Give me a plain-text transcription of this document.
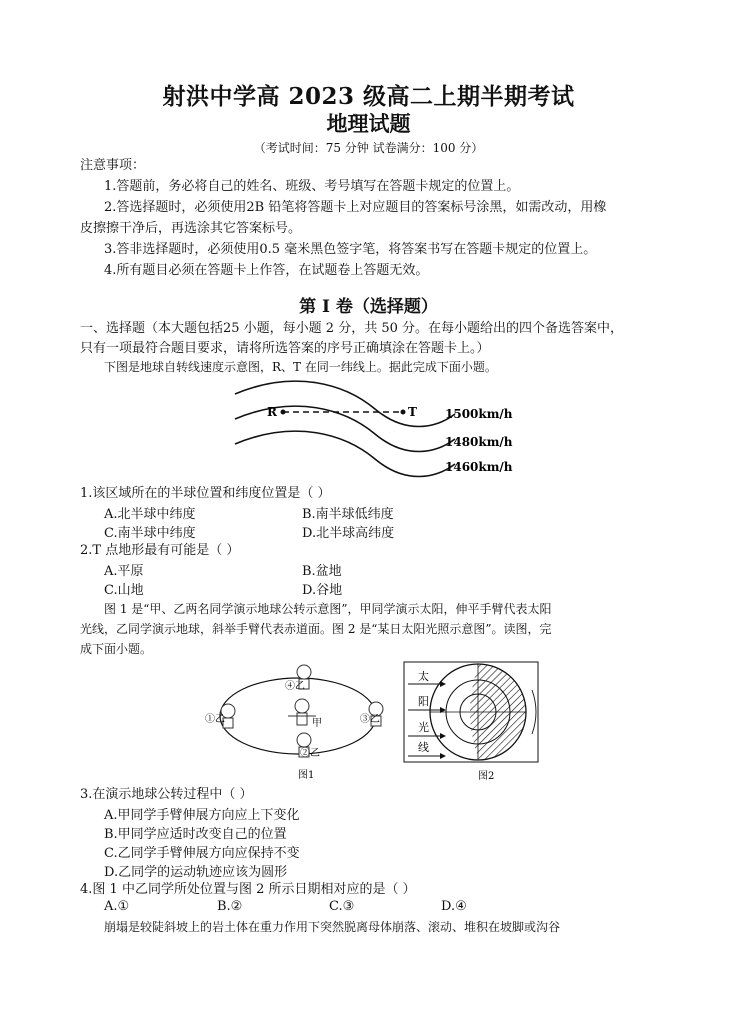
射洪中学高 2023 级高二上期半期考试
地理试题
（考试时间：75 分钟 试卷满分：100 分）
注意事项：
1.答题前，务必将自己的姓名、班级、考号填写在答题卡规定的位置上。
2.答选择题时，必须使用2B 铅笔将答题卡上对应题目的答案标号涂黑，如需改动，用橡
皮擦擦干净后，再选涂其它答案标号。
3.答非选择题时，必须使用0.5 毫米黑色签字笔，将答案书写在答题卡规定的位置上。
4.所有题目必须在答题卡上作答，在试题卷上答题无效。
第 I 卷（选择题）
一、选择题（本大题包括25 小题，每小题 2 分，共 50 分。在每小题给出的四个备选答案中，
只有一项最符合题目要求，请将所选答案的序号正确填涂在答题卡上。）
下图是地球自转线速度示意图，R、T 在同一纬线上。据此完成下面小题。
R	T 1500km/h
1480km/h
1460km/h
1.该区域所在的半球位置和纬度位置是（ ）
A.北半球中纬度	B.南半球低纬度
C.南半球中纬度	D.北半球高纬度
2.T 点地形最有可能是（ ）
A.平原	B.盆地
C.山地	D.谷地
图 1 是“甲、乙两名同学演示地球公转示意图”，甲同学演示太阳，伸平手臂代表太阳
光线，乙同学演示地球，斜举手臂代表赤道面。图 2 是“某日太阳光照示意图”。读图，完
成下面小题。
④乙
①乙	甲	③乙
②乙
图1
太
阳
光
线
图2
3.在演示地球公转过程中（ ）
A.甲同学手臂伸展方向应上下变化
B.甲同学应适时改变自己的位置
C.乙同学手臂伸展方向应保持不变
D.乙同学的运动轨迹应该为圆形
4.图 1 中乙同学所处位置与图 2 所示日期相对应的是（ ）
A.①	B.②	C.③	D.④
崩塌是较陡斜坡上的岩土体在重力作用下突然脱离母体崩落、滚动、堆积在坡脚或沟谷
